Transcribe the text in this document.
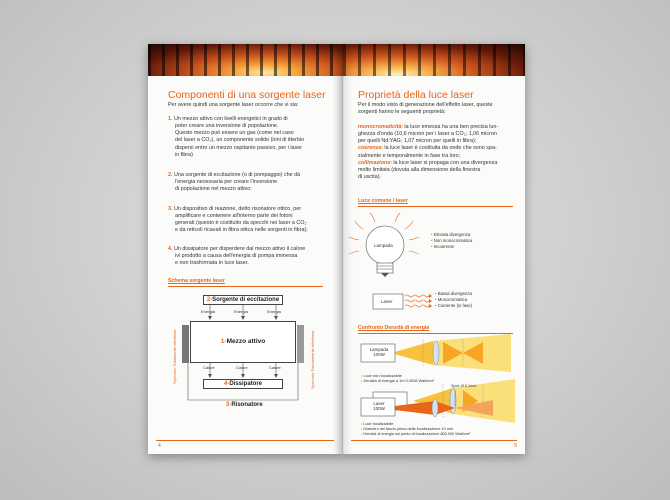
Componenti di una sorgente laser
Per avere quindi una sorgente laser occorre che vi sia:
1. Un mezzo attivo con livelli energetici in grado di
poter creare una inversione di popolazione.
Questo mezzo può essere un gas (come nel caso
del laser a CO₂), un componente solido (ioni di itterbio
dispersi entro un mezzo ospitante passivo, per i laser
in fibra)
2. Una sorgente di eccitazione (o di pompaggio) che dà
l'energia necessaria per creare l'inversione
di popolazione nel mezzo attivo;
3. Un dispositivo di reazione, detto risonatore ottico, per
amplificare e contenere all'interno parte dei fotoni
generati (questo è costituito da specchi nei laser a CO₂
e da reticoli ricavati in fibra ottica nelle sorgenti in fibra);
4. Un dissipatore per disperdere dal mezzo attivo il calore
ivi prodotto a causa dell'energia di pompa immessa
e non trasformata in luce laser.
Schema sorgente laser
2-Sorgente di eccitazione
Energia	Energia	Energia
1-Mezzo attivo
Calore	Calore	Calore
4-Dissipatore
3-Risonatore
Specchio Totalmente riflettente	Specchio Parzialmente riflettente
4
Proprietà della luce laser
Per il modo visto di generazione dell'effetto laser, queste
sorgenti hanno le seguenti proprietà:
monocromaticità: la luce emessa ha una ben precisa lun-
ghezza d'onda (10,6 micron per i laser a CO₂; 1,06 micron
per quelli Nd:YAG; 1,07 micron per quelli in fibra);
coerenza: la luce laser è costituita da onde che sono spa-
zialmente e temporalmente in fase tra loro;
collimazione: la luce laser si propaga con una divergenza
molto limitata (dovuta alla dimensione della finestra
di uscita).
Luce comune / laser
Lampada
• Elevata divergenza
• Non monocromatica
• Incoerente
Laser
• Bassa divergenza
• Monocromatica
• Coerente (in fase)
Confronto Densità di energia
Lampada
100W
• Luce non focalizzabile
• Densità di energia a 1m 0,0008 Watt/cm²
Laser
100W
Spot: Ø 0,1mm
• Luce focalizzabile
• Diametro del fascio prima della focalizzazione 10 mm
• Densità di energia sul punto di focalizzazione 800.000 Watt/cm²
5
